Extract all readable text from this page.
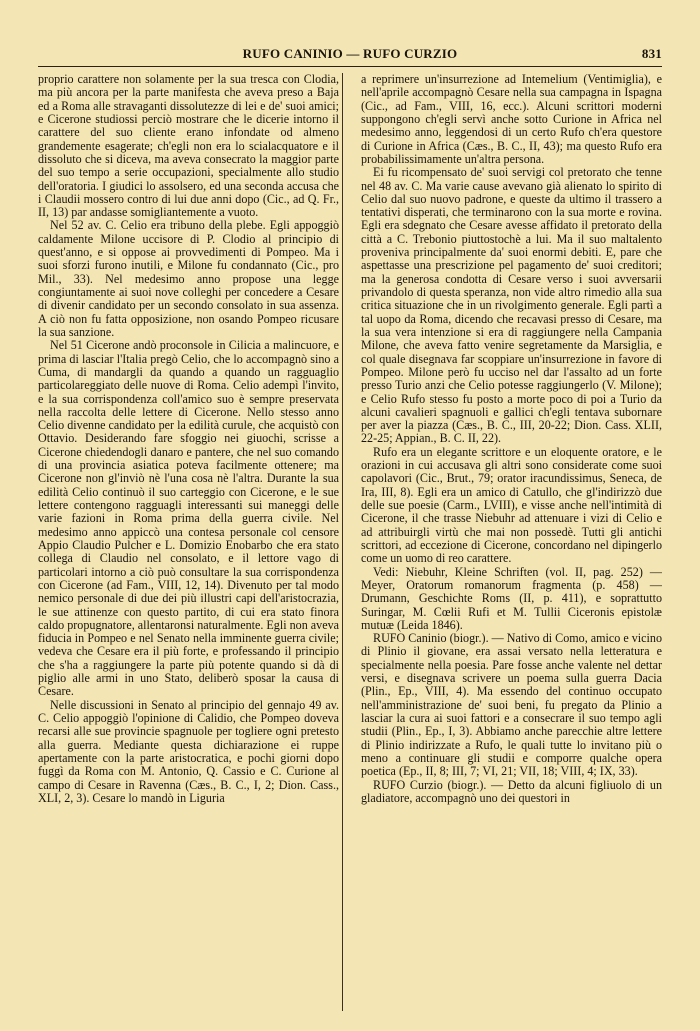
RUFO CANINIO — RUFO CURZIO	831

proprio carattere non solamente per la sua tresca con Clodia, ma più ancora per la parte manifesta che aveva preso a Baja ed a Roma alle stravaganti dissolutezze di lei e de' suoi amici; e Cicerone studiossi perciò mostrare che le dicerie intorno il carattere del suo cliente erano infondate od almeno grandemente esagerate; ch'egli non era lo scialacquatore e il dissoluto che si diceva, ma aveva consecrato la maggior parte del suo tempo a serie occupazioni, specialmente allo studio dell'oratoria. I giudici lo assolsero, ed una seconda accusa che i Claudii mossero contro di lui due anni dopo (Cic., ad Q. Fr., II, 13) par andasse somigliantemente a vuoto.

Nel 52 av. C. Celio era tribuno della plebe. Egli appoggiò caldamente Milone uccisore di P. Clodio al principio di quest'anno, e si oppose ai provvedimenti di Pompeo. Ma i suoi sforzi furono inutili, e Milone fu condannato (Cic., pro Mil., 33). Nel medesimo anno propose una legge congiuntamente ai suoi nove colleghi per concedere a Cesare di divenir candidato per un secondo consolato in sua assenza. A ciò non fu fatta opposizione, non osando Pompeo ricusare la sua sanzione.

Nel 51 Cicerone andò proconsole in Cilicia a malincuore, e prima di lasciar l'Italia pregò Celio, che lo accompagnò sino a Cuma, di mandargli da quando a quando un ragguaglio particolareggiato delle nuove di Roma. Celio adempì l'invito, e la sua corrispondenza coll'amico suo è sempre preservata nella raccolta delle lettere di Cicerone. Nello stesso anno Celio divenne candidato per la edilità curule, che acquistò con Ottavio. Desiderando fare sfoggio nei giuochi, scrisse a Cicerone chiedendogli danaro e pantere, che nel suo comando di una provincia asiatica poteva facilmente ottenere; ma Cicerone non gl'inviò nè l'una cosa nè l'altra. Durante la sua edilità Celio continuò il suo carteggio con Cicerone, e le sue lettere contengono ragguagli interessanti sui maneggi delle varie fazioni in Roma prima della guerra civile. Nel medesimo anno appiccò una contesa personale col censore Appio Claudio Pulcher e L. Domizio Enobarbo che era stato collega di Claudio nel consolato, e il lettore vago di particolari intorno a ciò può consultare la sua corrispondenza con Cicerone (ad Fam., VIII, 12, 14). Divenuto per tal modo nemico personale di due dei più illustri capi dell'aristocrazia, le sue attinenze con questo partito, di cui era stato finora caldo propugnatore, allentaronsi naturalmente. Egli non aveva fiducia in Pompeo e nel Senato nella imminente guerra civile; vedeva che Cesare era il più forte, e professando il principio che s'ha a raggiungere la parte più potente quando si dà di piglio alle armi in uno Stato, deliberò sposar la causa di Cesare.

Nelle discussioni in Senato al principio del gennajo 49 av. C. Celio appoggiò l'opinione di Calidio, che Pompeo doveva recarsi alle sue provincie spagnuole per togliere ogni pretesto alla guerra. Mediante questa dichiarazione ei ruppe apertamente con la parte aristocratica, e pochi giorni dopo fuggì da Roma con M. Antonio, Q. Cassio e C. Curione al campo di Cesare in Ravenna (Cæs., B. C., I, 2; Dion. Cass., XLI, 2, 3). Cesare lo mandò in Liguria

a reprimere un'insurrezione ad Intemelium (Ventimiglia), e nell'aprile accompagnò Cesare nella sua campagna in Ispagna (Cic., ad Fam., VIII, 16, ecc.). Alcuni scrittori moderni suppongono ch'egli servì anche sotto Curione in Africa nel medesimo anno, leggendosi di un certo Rufo ch'era questore di Curione in Africa (Cæs., B. C., II, 43); ma questo Rufo era probabilissimamente un'altra persona.

Ei fu ricompensato de' suoi servigi col pretorato che tenne nel 48 av. C. Ma varie cause avevano già alienato lo spirito di Celio dal suo nuovo padrone, e queste da ultimo il trassero a tentativi disperati, che terminarono con la sua morte e rovina. Egli era sdegnato che Cesare avesse affidato il pretorato della città a C. Trebonio piuttostochè a lui. Ma il suo maltalento proveniva principalmente da' suoi enormi debiti. E, pare che aspettasse una prescrizione pel pagamento de' suoi creditori; ma la generosa condotta di Cesare verso i suoi avversarii privandolo di questa speranza, non vide altro rimedio alla sua critica situazione che in un rivolgimento generale. Egli partì a tal uopo da Roma, dicendo che recavasi presso di Cesare, ma la sua vera intenzione si era di raggiungere nella Campania Milone, che aveva fatto venire segretamente da Marsiglia, e col quale disegnava far scoppiare un'insurrezione in favore di Pompeo. Milone però fu ucciso nel dar l'assalto ad un forte presso Turio anzi che Celio potesse raggiungerlo (V. Milone); e Celio Rufo stesso fu posto a morte poco di poi a Turio da alcuni cavalieri spagnuoli e gallici ch'egli tentava subornare per aver la piazza (Cæs., B. C., III, 20-22; Dion. Cass. XLII, 22-25; Appian., B. C. II, 22).

Rufo era un elegante scrittore e un eloquente oratore, e le orazioni in cui accusava gli altri sono considerate come suoi capolavori (Cic., Brut., 79; orator iracundissimus, Seneca, de Ira, III, 8). Egli era un amico di Catullo, che gl'indirizzò due delle sue poesie (Carm., LVIII), e visse anche nell'intimità di Cicerone, il che trasse Niebuhr ad attenuare i vizi di Celio e ad attribuirgli virtù che mai non possedè. Tutti gli antichi scrittori, ad eccezione di Cicerone, concordano nel dipingerlo come un uomo di reo carattere.

Vedi: Niebuhr, Kleine Schriften (vol. II, pag. 252) — Meyer, Oratorum romanorum fragmenta (p. 458) — Drumann, Geschichte Roms (II, p. 411), e soprattutto Suringar, M. Cœlii Rufi et M. Tullii Ciceronis epistolæ mutuæ (Leida 1846).

RUFO Caninio (biogr.). — Nativo di Como, amico e vicino di Plinio il giovane, era assai versato nella letteratura e specialmente nella poesia. Pare fosse anche valente nel dettar versi, e disegnava scrivere un poema sulla guerra Dacia (Plin., Ep., VIII, 4). Ma essendo del continuo occupato nell'amministrazione de' suoi beni, fu pregato da Plinio a lasciar la cura ai suoi fattori e a consecrare il suo tempo agli studii (Plin., Ep., I, 3). Abbiamo anche parecchie altre lettere di Plinio indirizzate a Rufo, le quali tutte lo invitano più o meno a continuare gli studii e comporre qualche opera poetica (Ep., II, 8; III, 7; VI, 21; VII, 18; VIII, 4; IX, 33).

RUFO Curzio (biogr.). — Detto da alcuni figliuolo di un gladiatore, accompagnò uno dei questori in
